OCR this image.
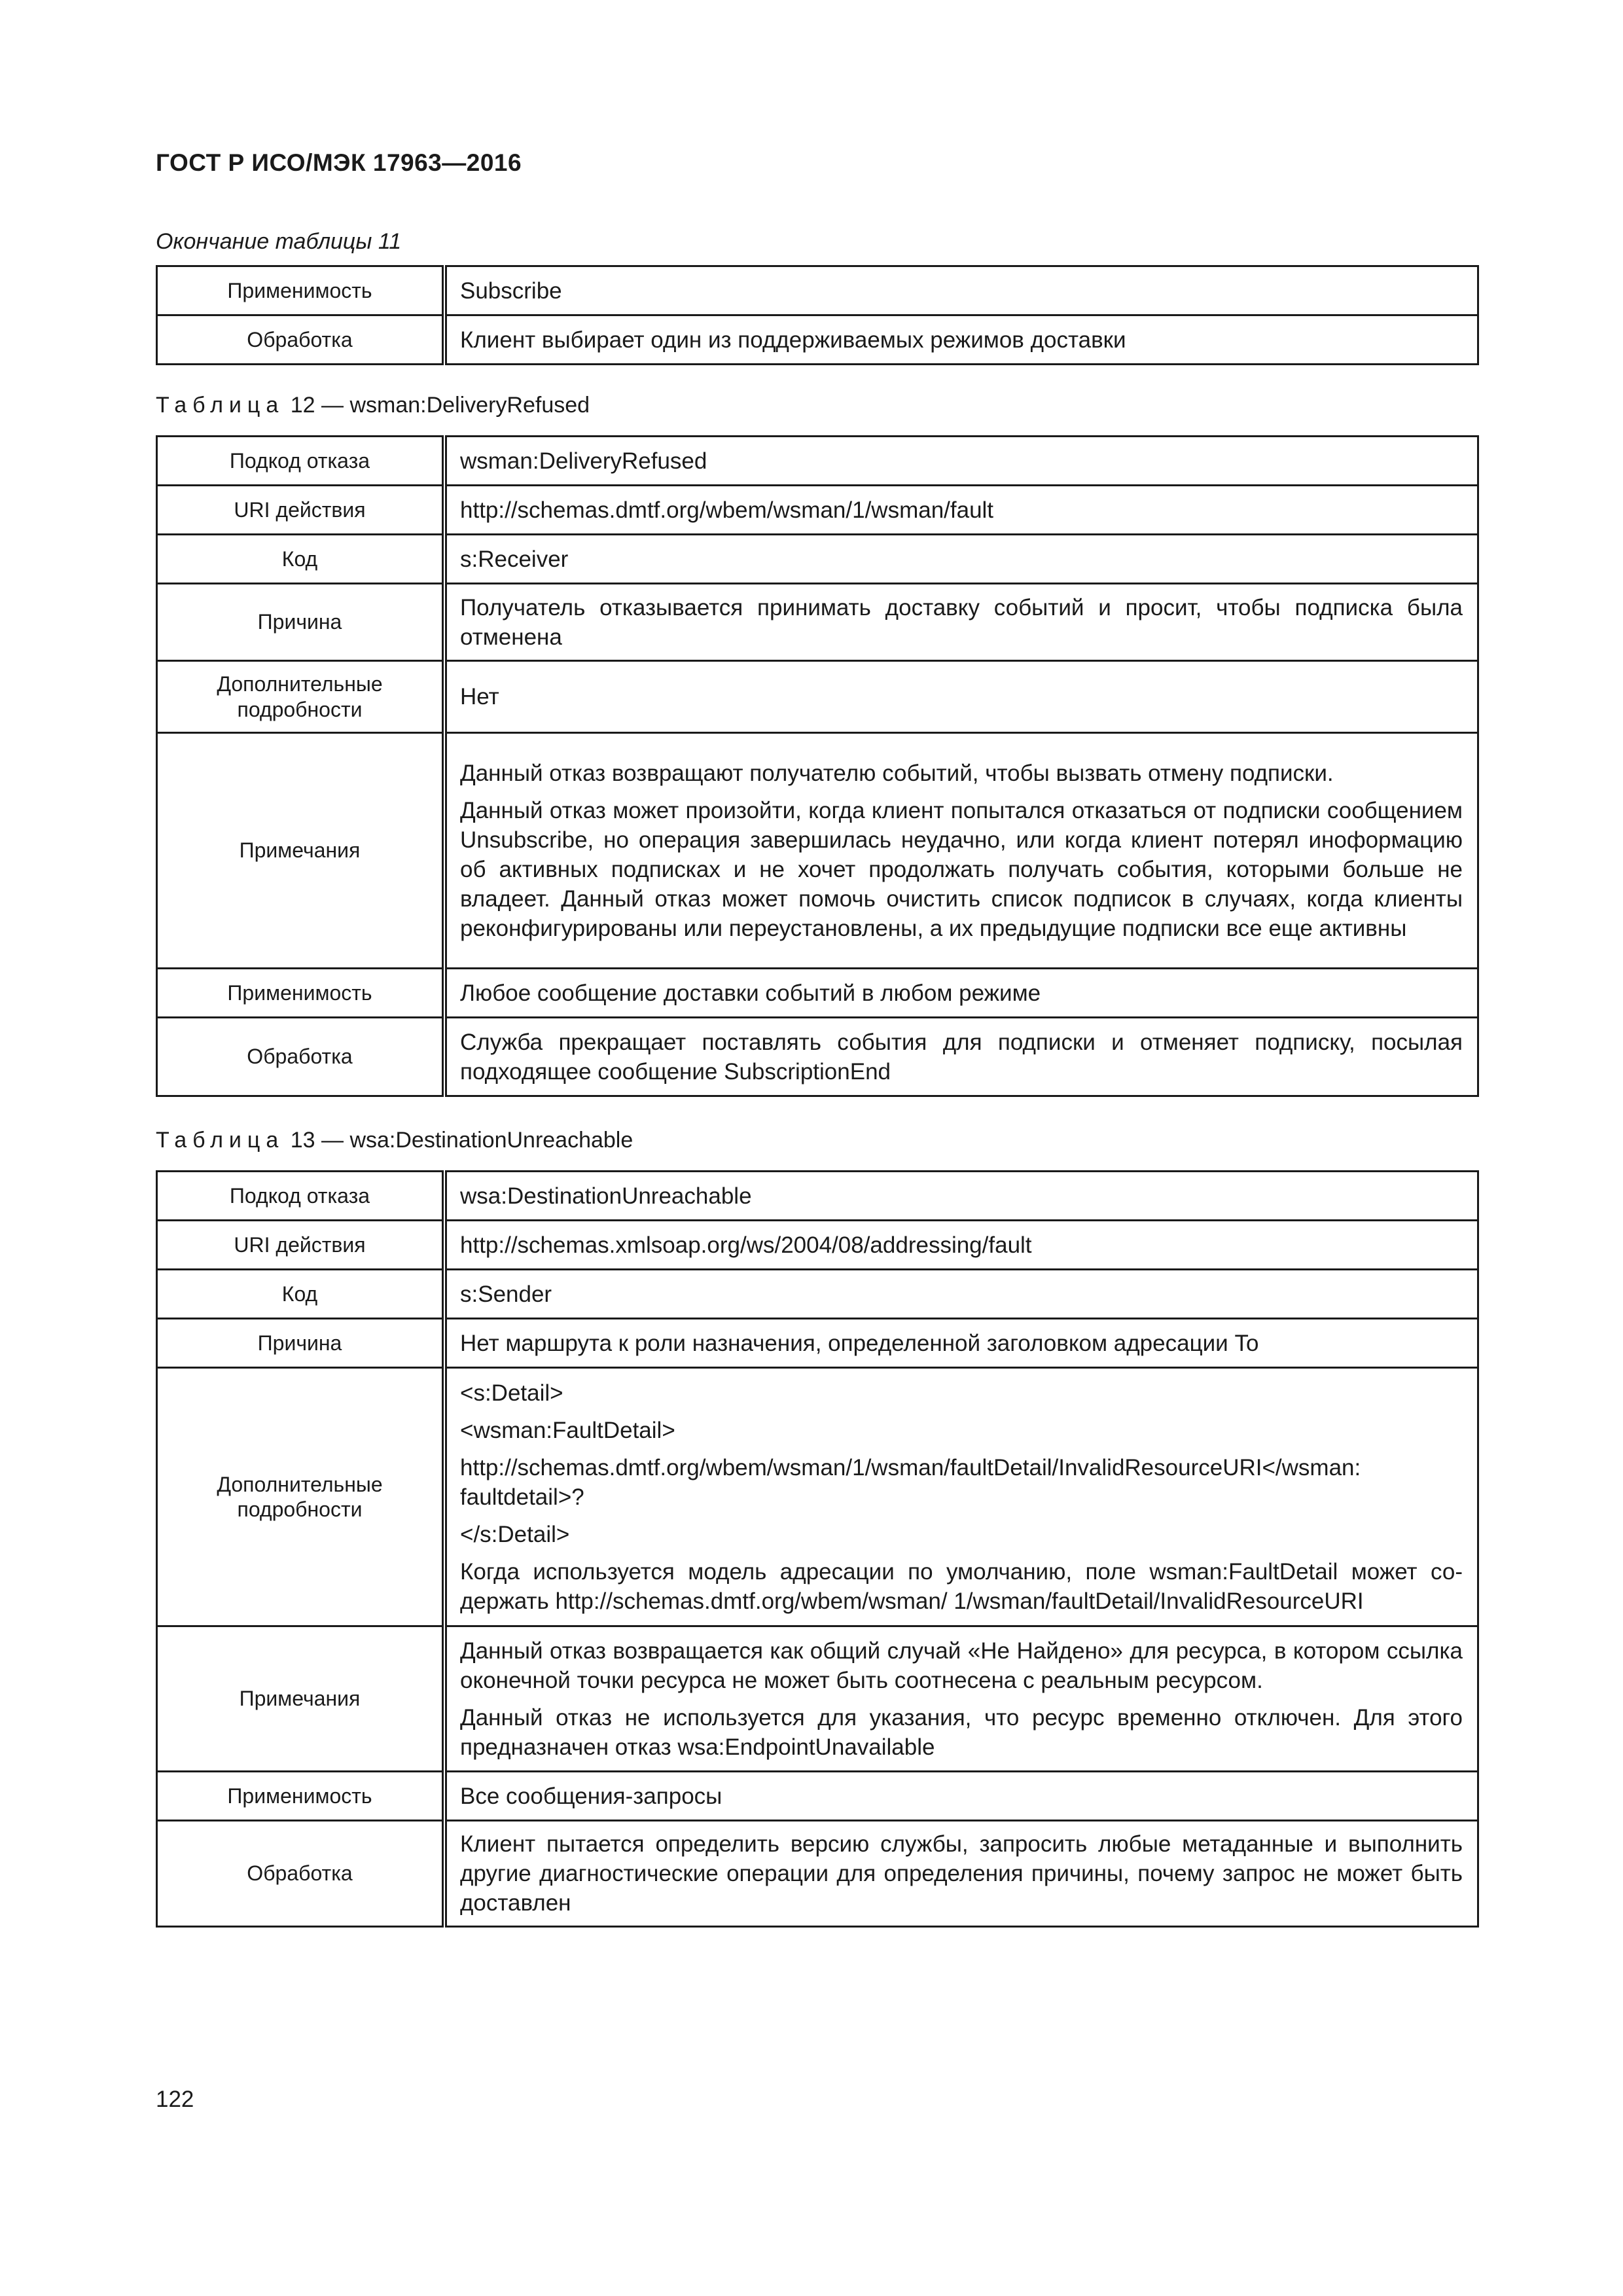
ГОСТ Р ИСО/МЭК 17963—2016
Окончание таблицы 11
Применимость	Subscribe

Обработка	Клиент выбирает один из поддерживаемых режимов доставки

Таблица 12 — wsman:DeliveryRefused
Подкод отказа	wsman:DeliveryRefused

URI действия	http://schemas.dmtf.org/wbem/wsman/1/wsman/fault

Код	s:Receiver

Причина	Получатель отказывается принимать доставку событий и просит, чтобы подписка была отменена

Дополнительные подробности	Нет

Примечания	Данный отказ возвращают получателю событий, чтобы вызвать отмену подписки.

Данный отказ может произойти, когда клиент попытался отказаться от подписки сообщением Unsubscribe, но операция завершилась неудачно, или когда клиент потерял иноформацию об активных подписках и не хочет продолжать получать события, которыми больше не владеет. Данный отказ может помочь очистить список подписок в случаях, когда клиенты реконфигурированы или переустановлены, а их предыдущие подписки все еще активны

Применимость	Любое сообщение доставки событий в любом режиме

Обработка	Служба прекращает поставлять события для подписки и отменяет подписку, посылая подходящее сообщение SubscriptionEnd

Таблица 13 — wsa:DestinationUnreachable
Подкод отказа	wsa:DestinationUnreachable

URI действия	http://schemas.xmlsoap.org/ws/2004/08/addressing/fault

Код	s:Sender

Причина	Нет маршрута к роли назначения, определенной заголовком адресации To

Дополнительные подробности	<s:Detail>

<wsman:FaultDetail>

http://schemas.dmtf.org/wbem/wsman/1/wsman/faultDetail/InvalidResourceURI</wsman: faultdetail>?

</s:Detail>

Когда используется модель адресации по умолчанию, поле wsman:FaultDetail может содержать http://schemas.dmtf.org/wbem/wsman/ 1/wsman/faultDetail/InvalidResourceURI

Примечания	Данный отказ возвращается как общий случай «Не Найдено» для ресурса, в котором ссылка оконечной точки ресурса не может быть соотнесена с реальным ресурсом.

Данный отказ не используется для указания, что ресурс временно отключен. Для этого предназначен отказ wsa:EndpointUnavailable

Применимость	Все сообщения-запросы

Обработка	Клиент пытается определить версию службы, запросить любые метаданные и выполнить другие диагностические операции для определения причины, почему запрос не может быть доставлен

122
